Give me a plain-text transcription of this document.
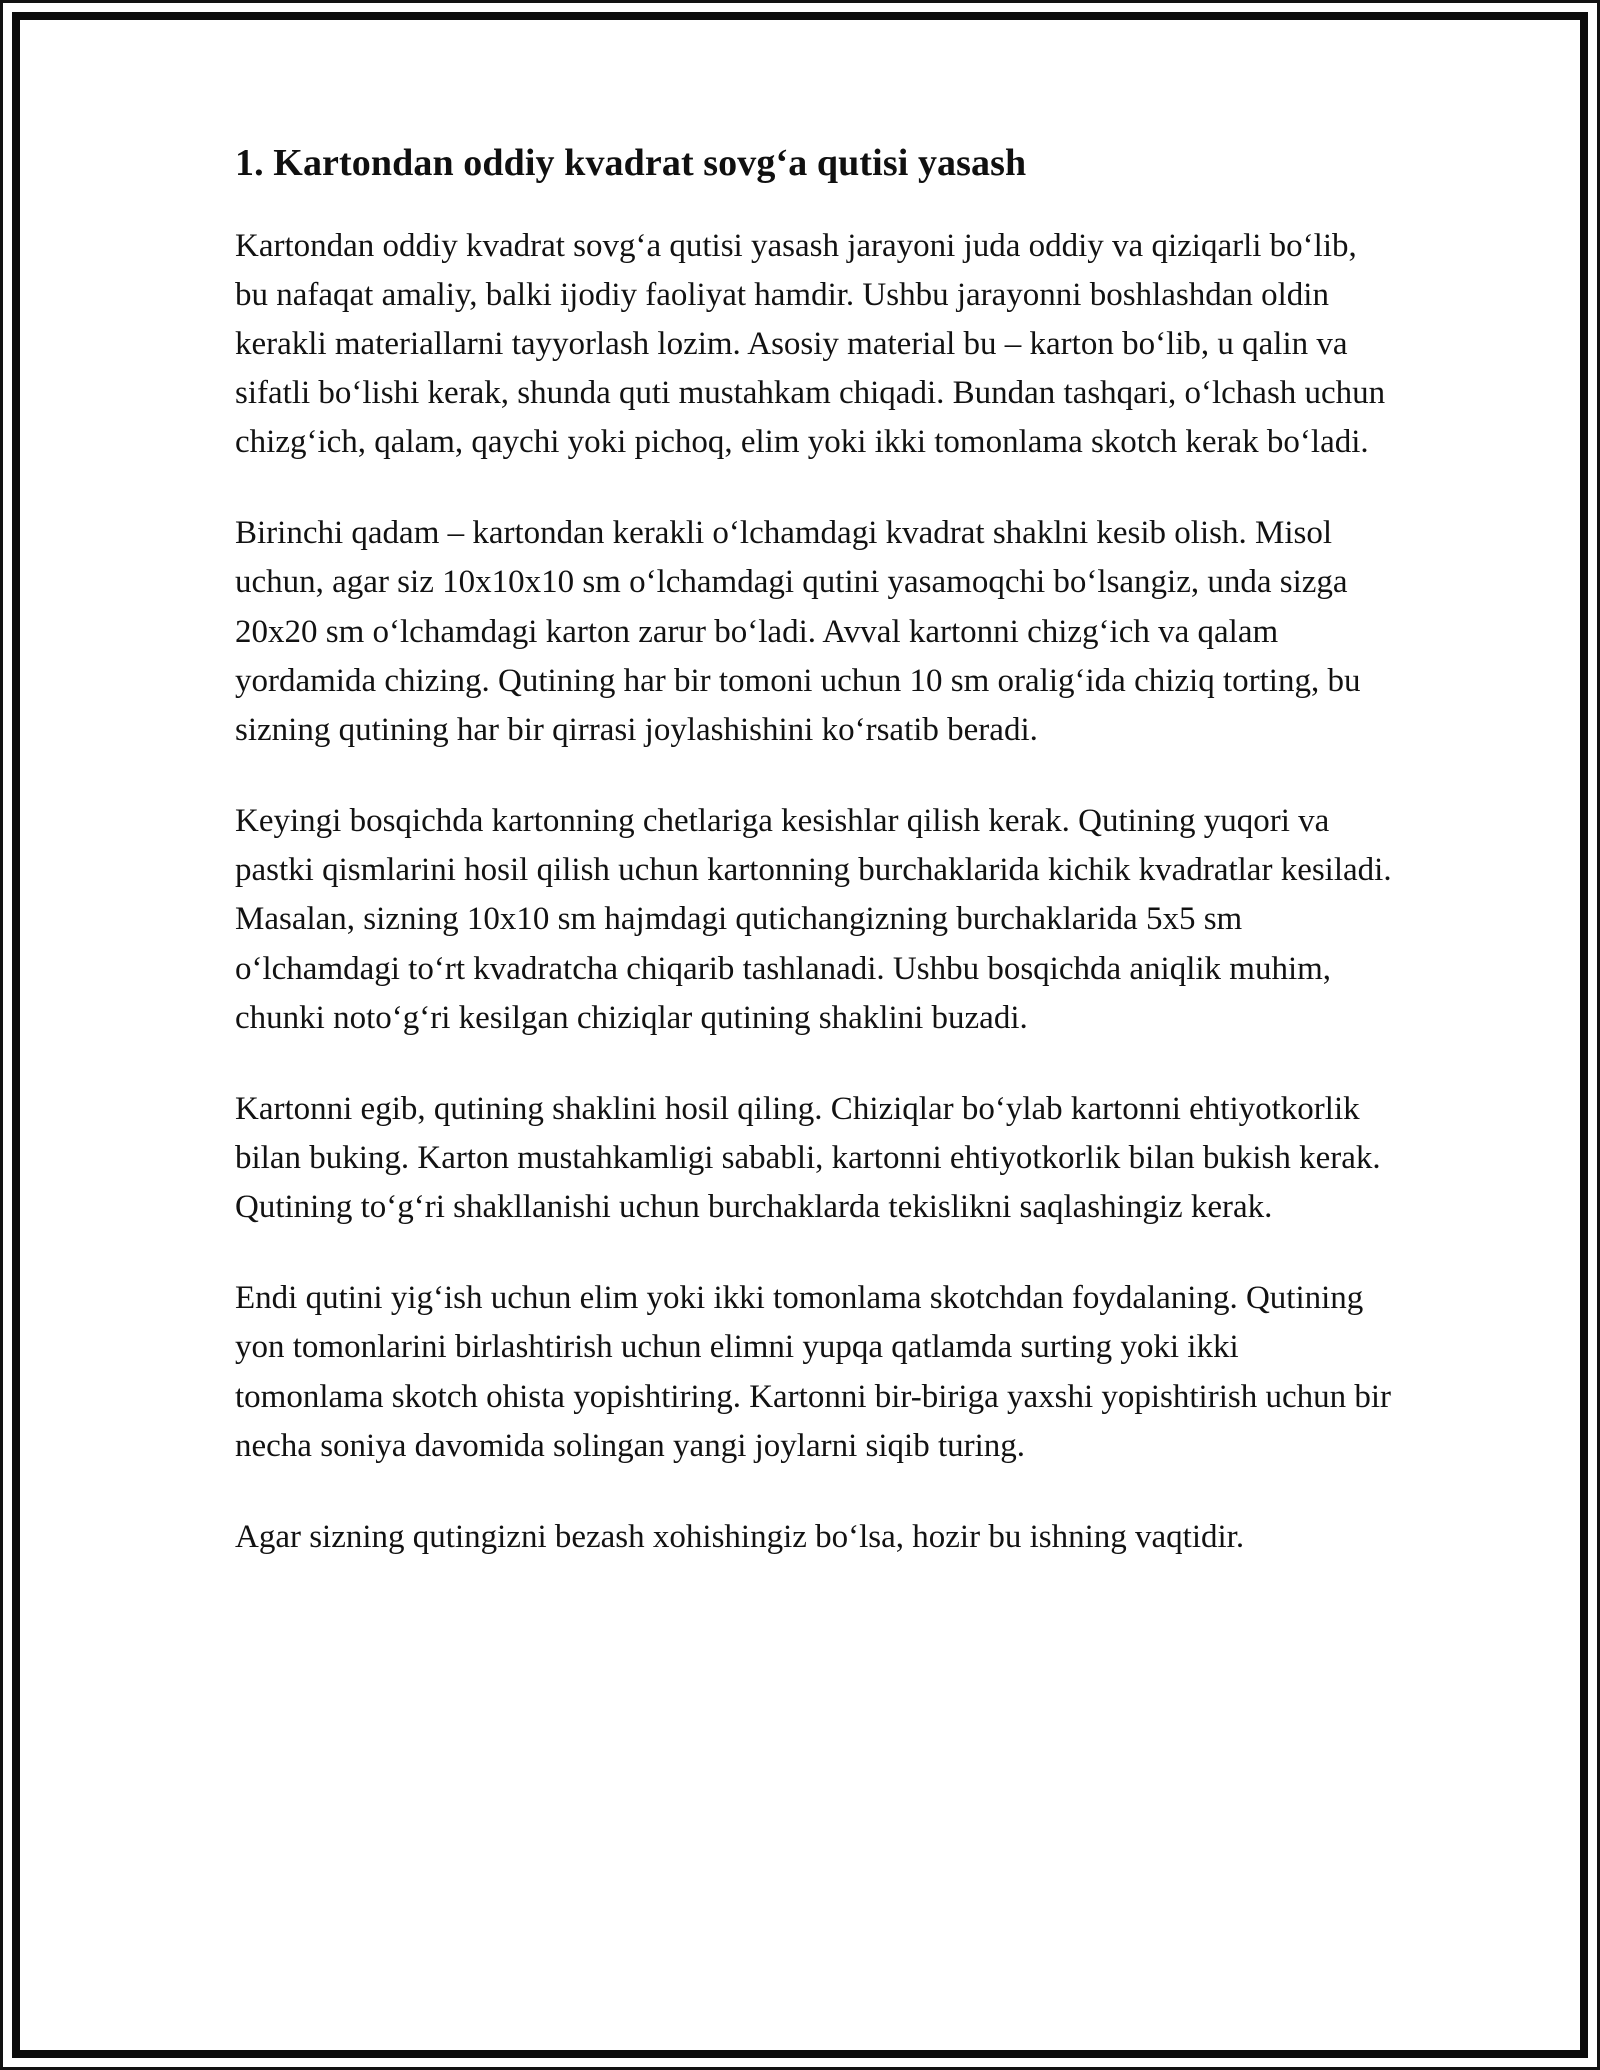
1. Kartondan oddiy kvadrat sovg‘a qutisi yasash

Kartondan oddiy kvadrat sovg‘a qutisi yasash jarayoni juda oddiy va qiziqarli bo‘lib, bu nafaqat amaliy, balki ijodiy faoliyat hamdir. Ushbu jarayonni boshlashdan oldin kerakli materiallarni tayyorlash lozim. Asosiy material bu – karton bo‘lib, u qalin va sifatli bo‘lishi kerak, shunda quti mustahkam chiqadi. Bundan tashqari, o‘lchash uchun chizg‘ich, qalam, qaychi yoki pichoq, elim yoki ikki tomonlama skotch kerak bo‘ladi.

Birinchi qadam – kartondan kerakli o‘lchamdagi kvadrat shaklni kesib olish. Misol uchun, agar siz 10x10x10 sm o‘lchamdagi qutini yasamoqchi bo‘lsangiz, unda sizga 20x20 sm o‘lchamdagi karton zarur bo‘ladi. Avval kartonni chizg‘ich va qalam yordamida chizing. Qutining har bir tomoni uchun 10 sm oralig‘ida chiziq torting, bu sizning qutining har bir qirrasi joylashishini ko‘rsatib beradi.

Keyingi bosqichda kartonning chetlariga kesishlar qilish kerak. Qutining yuqori va pastki qismlarini hosil qilish uchun kartonning burchaklarida kichik kvadratlar kesiladi. Masalan, sizning 10x10 sm hajmdagi qutichangizning burchaklarida 5x5 sm o‘lchamdagi to‘rt kvadratcha chiqarib tashlanadi. Ushbu bosqichda aniqlik muhim, chunki noto‘g‘ri kesilgan chiziqlar qutining shaklini buzadi.

Kartonni egib, qutining shaklini hosil qiling. Chiziqlar bo‘ylab kartonni ehtiyotkorlik bilan buking. Karton mustahkamligi sababli, kartonni ehtiyotkorlik bilan bukish kerak. Qutining to‘g‘ri shakllanishi uchun burchaklarda tekislikni saqlashingiz kerak.

Endi qutini yig‘ish uchun elim yoki ikki tomonlama skotchdan foydalaning. Qutining yon tomonlarini birlashtirish uchun elimni yupqa qatlamda surting yoki ikki tomonlama skotch ohista yopishtiring. Kartonni bir-biriga yaxshi yopishtirish uchun bir necha soniya davomida solingan yangi joylarni siqib turing.

Agar sizning qutingizni bezash xohishingiz bo‘lsa, hozir bu ishning vaqtidir.
